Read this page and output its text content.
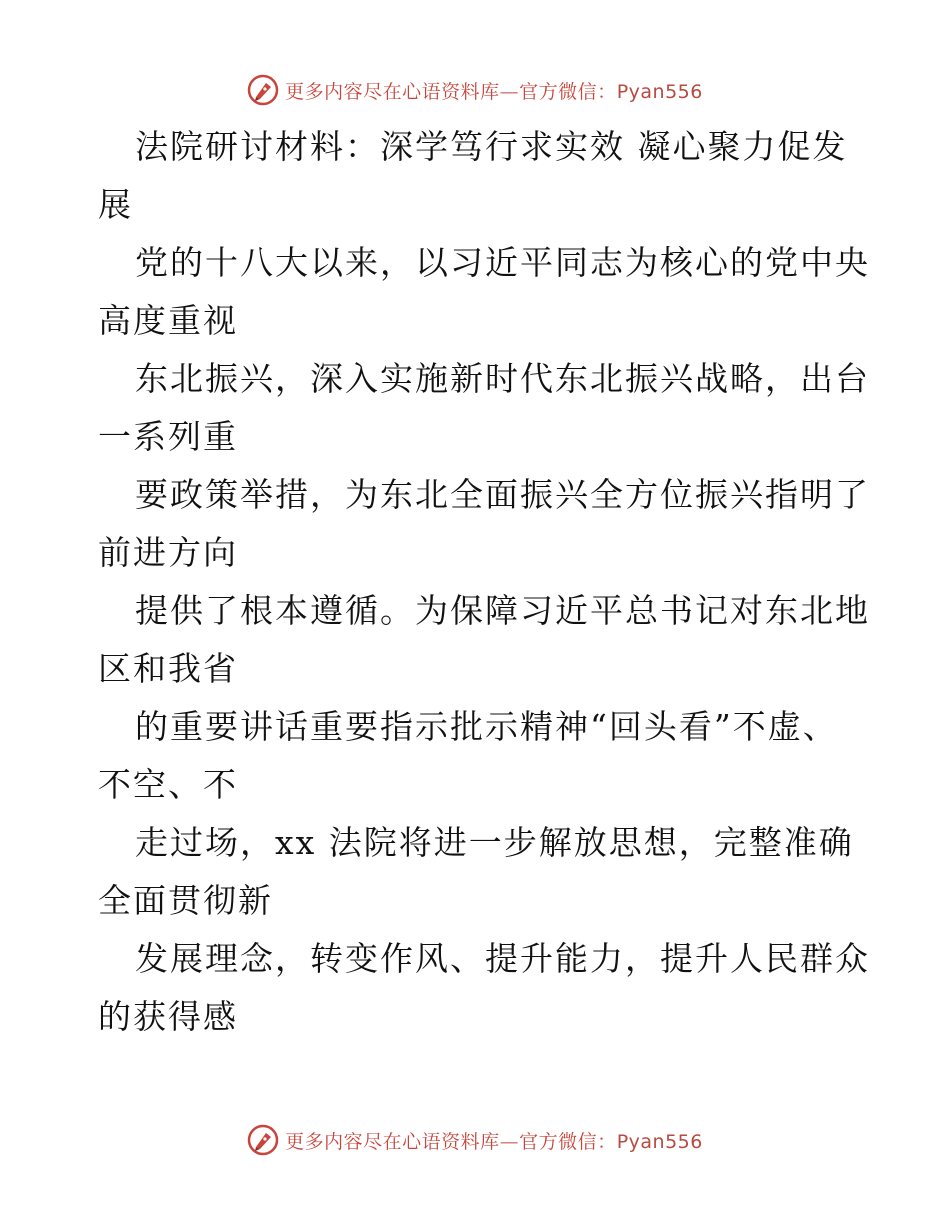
更多内容尽在心语资料库—官方微信：Pyan556
法院研讨材料：深学笃行求实效 凝心聚力促发
展
党的十八大以来，以习近平同志为核心的党中央
高度重视
东北振兴，深入实施新时代东北振兴战略，出台
一系列重
要政策举措，为东北全面振兴全方位振兴指明了
前进方向
提供了根本遵循。为保障习近平总书记对东北地
区和我省
的重要讲话重要指示批示精神“回头看”不虚、
不空、不
走过场，xx 法院将进一步解放思想，完整准确
全面贯彻新
发展理念，转变作风、提升能力，提升人民群众
的获得感
更多内容尽在心语资料库—官方微信：Pyan556
